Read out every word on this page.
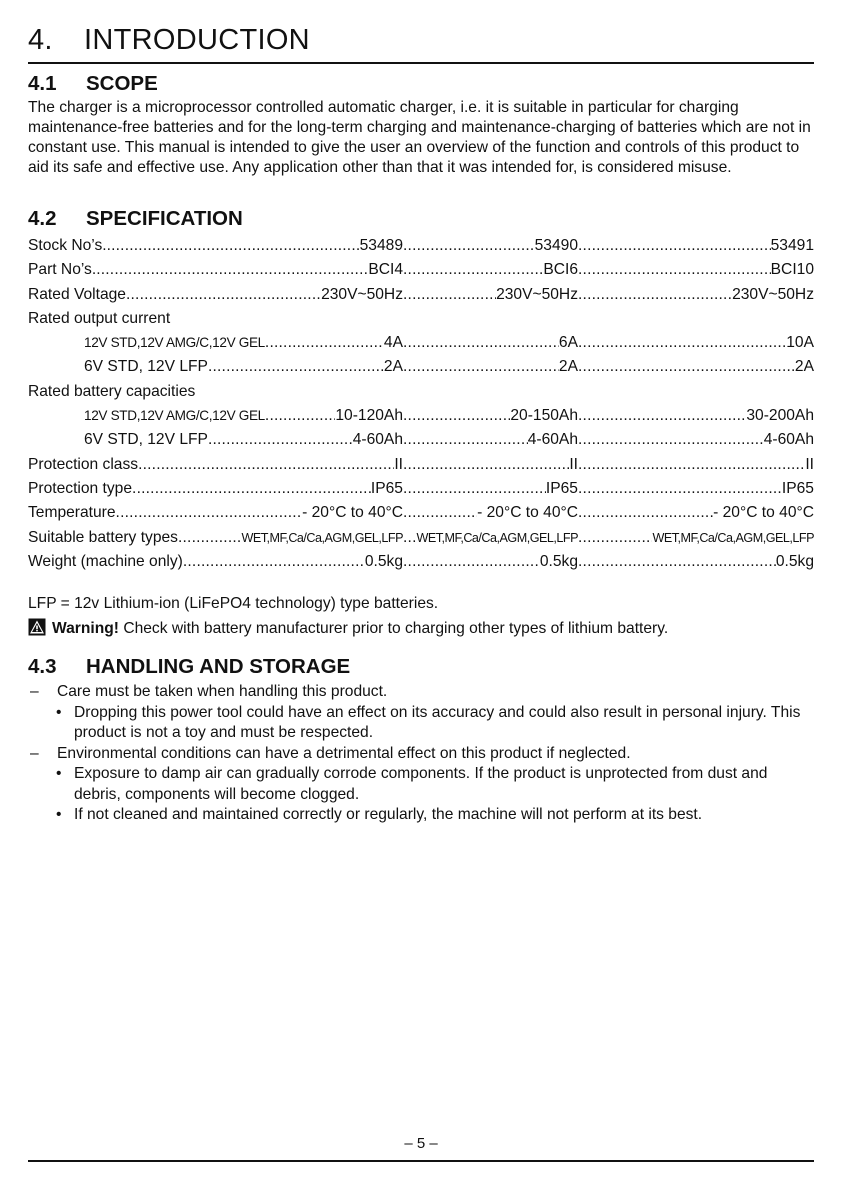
4. INTRODUCTION
4.1 SCOPE
The charger is a microprocessor controlled automatic charger, i.e. it is suitable in particular for charging maintenance-free batteries and for the long-term charging and maintenance-charging of batteries which are not in constant use. This manual is intended to give the user an overview of the function and controls of this product to aid its safe and effective use. Any application other than that it was intended for, is considered misuse.
4.2 SPECIFICATION
Stock No’s. .....	53489 .....	53490 .....	53491
Part No’s. .....	BCI4 .....	BCI6 .....	BCI10
Rated Voltage .....	230V~50Hz .....	230V~50Hz .....	230V~50Hz
Rated output current
12V STD,12V AMG/C,12V GEL .....	4A .....	6A .....	10A
6V STD, 12V LFP .....	2A .....	2A .....	2A
Rated battery capacities
12V STD,12V AMG/C,12V GEL .....	10-120Ah .....	20-150Ah .....	30-200Ah
6V STD, 12V LFP .....	4-60Ah .....	4-60Ah .....	4-60Ah
Protection class .....	II .....	II .....	II
Protection type .....	IP65 .....	IP65 .....	IP65
Temperature .....	- 20°C to 40°C .....	- 20°C to 40°C .....	- 20°C to 40°C
Suitable battery types .....	WET,MF,Ca/Ca,AGM,GEL,LFP ..... WET,MF,Ca/Ca,AGM,GEL,LFP .....	WET,MF,Ca/Ca,AGM,GEL,LFP
Weight (machine only) .....	0.5kg .....	0.5kg .....	0.5kg
LFP = 12v Lithium-ion (LiFePO4 technology) type batteries.
Warning! Check with battery manufacturer prior to charging other types of lithium battery.
4.3 HANDLING AND STORAGE
– Care must be taken when handling this product.
• Dropping this power tool could have an effect on its accuracy and could also result in personal injury. This product is not a toy and must be respected.
– Environmental conditions can have a detrimental effect on this product if neglected.
• Exposure to damp air can gradually corrode components. If the product is unprotected from dust and debris, components will become clogged.
• If not cleaned and maintained correctly or regularly, the machine will not perform at its best.
– 5 –
